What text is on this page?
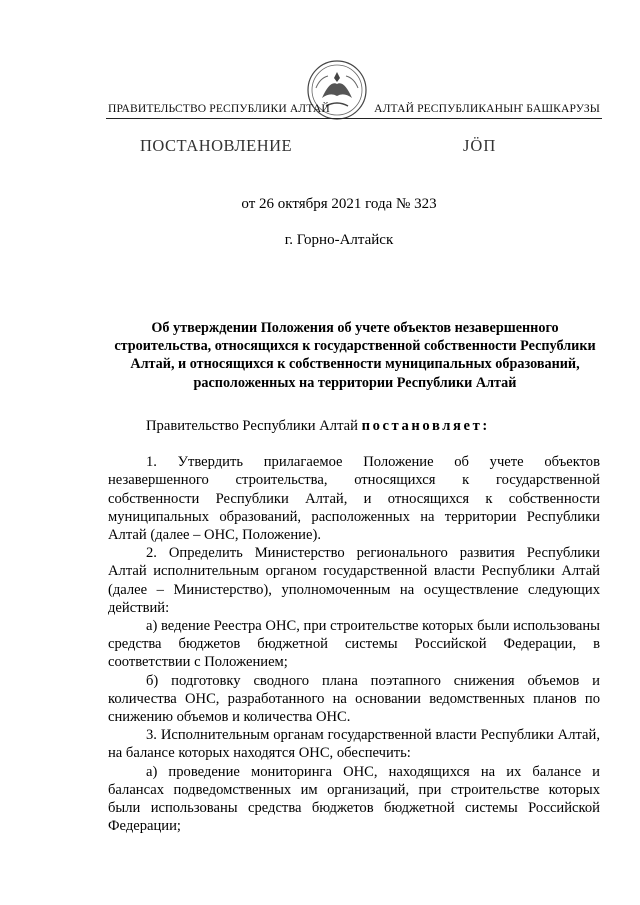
ПРАВИТЕЛЬСТВО РЕСПУБЛИКИ АЛТАЙ	АЛТАЙ РЕСПУБЛИКАНЫҤ БАШКАРУЗЫ
ПОСТАНОВЛЕНИЕ	ЈӦП
от 26 октября 2021 года № 323
г. Горно-Алтайск
Об утверждении Положения об учете объектов незавершенного строительства, относящихся к государственной собственности Республики Алтай, и относящихся к собственности муниципальных образований, расположенных на территории Республики Алтай

Правительство Республики Алтай постановляет:

1. Утвердить прилагаемое Положение об учете объектов незавершенного строительства, относящихся к государственной собственности Республики Алтай, и относящихся к собственности муниципальных образований, расположенных на территории Республики Алтай (далее – ОНС, Положение).

2. Определить Министерство регионального развития Республики Алтай исполнительным органом государственной власти Республики Алтай (далее – Министерство), уполномоченным на осуществление следующих действий:

а) ведение Реестра ОНС, при строительстве которых были использованы средства бюджетов бюджетной системы Российской Федерации, в соответствии с Положением;

б) подготовку сводного плана поэтапного снижения объемов и количества ОНС, разработанного на основании ведомственных планов по снижению объемов и количества ОНС.

3. Исполнительным органам государственной власти Республики Алтай, на балансе которых находятся ОНС, обеспечить:

а) проведение мониторинга ОНС, находящихся на их балансе и балансах подведомственных им организаций, при строительстве которых были использованы средства бюджетов бюджетной системы Российской Федерации;
